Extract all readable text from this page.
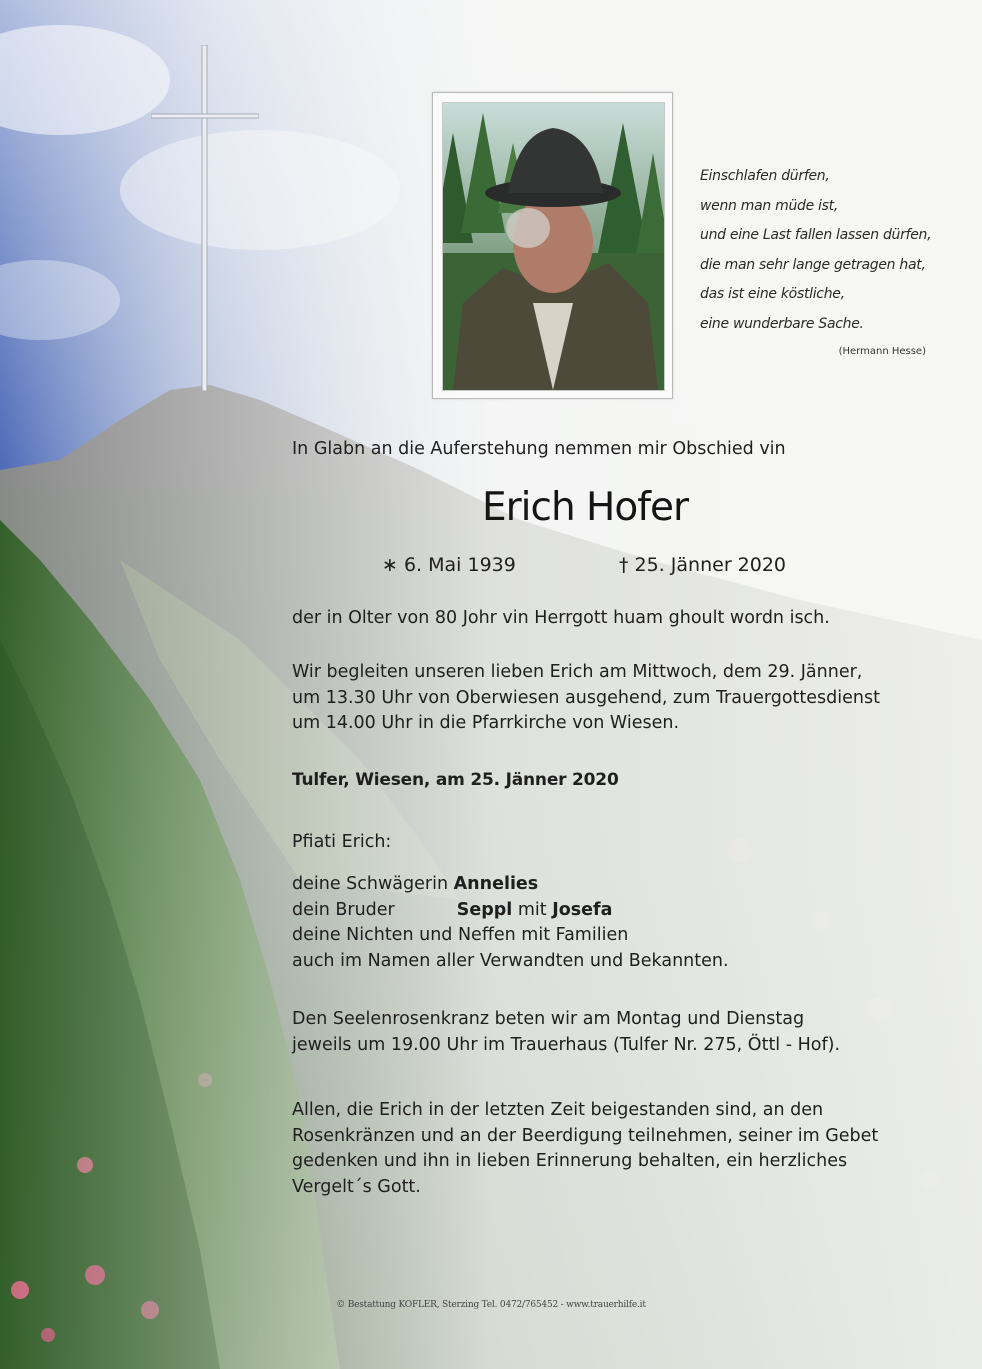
Einschlafen dürfen,
wenn man müde ist,
und eine Last fallen lassen dürfen,
die man sehr lange getragen hat,
das ist eine köstliche,
eine wunderbare Sache.
(Hermann Hesse)
In Glabn an die Auferstehung nemmen mir Obschied vin
Erich Hofer
∗ 6. Mai 1939	† 25. Jänner 2020
der in Olter von 80 Johr vin Herrgott huam ghoult wordn isch.
Wir begleiten unseren lieben Erich am Mittwoch, dem 29. Jänner,
um 13.30 Uhr von Oberwiesen ausgehend, zum Trauergottesdienst
um 14.00 Uhr in die Pfarrkirche von Wiesen.
Tulfer, Wiesen, am 25. Jänner 2020
Pfiati Erich:
deine Schwägerin Annelies
dein Bruder	Seppl mit Josefa
deine Nichten und Neffen mit Familien
auch im Namen aller Verwandten und Bekannten.
Den Seelenrosenkranz beten wir am Montag und Dienstag
jeweils um 19.00 Uhr im Trauerhaus (Tulfer Nr. 275, Öttl - Hof).
Allen, die Erich in der letzten Zeit beigestanden sind, an den
Rosenkränzen und an der Beerdigung teilnehmen, seiner im Gebet
gedenken und ihn in lieben Erinnerung behalten, ein herzliches
Vergelt´s Gott.
© Bestattung KOFLER, Sterzing Tel. 0472/765452 - www.trauerhilfe.it
